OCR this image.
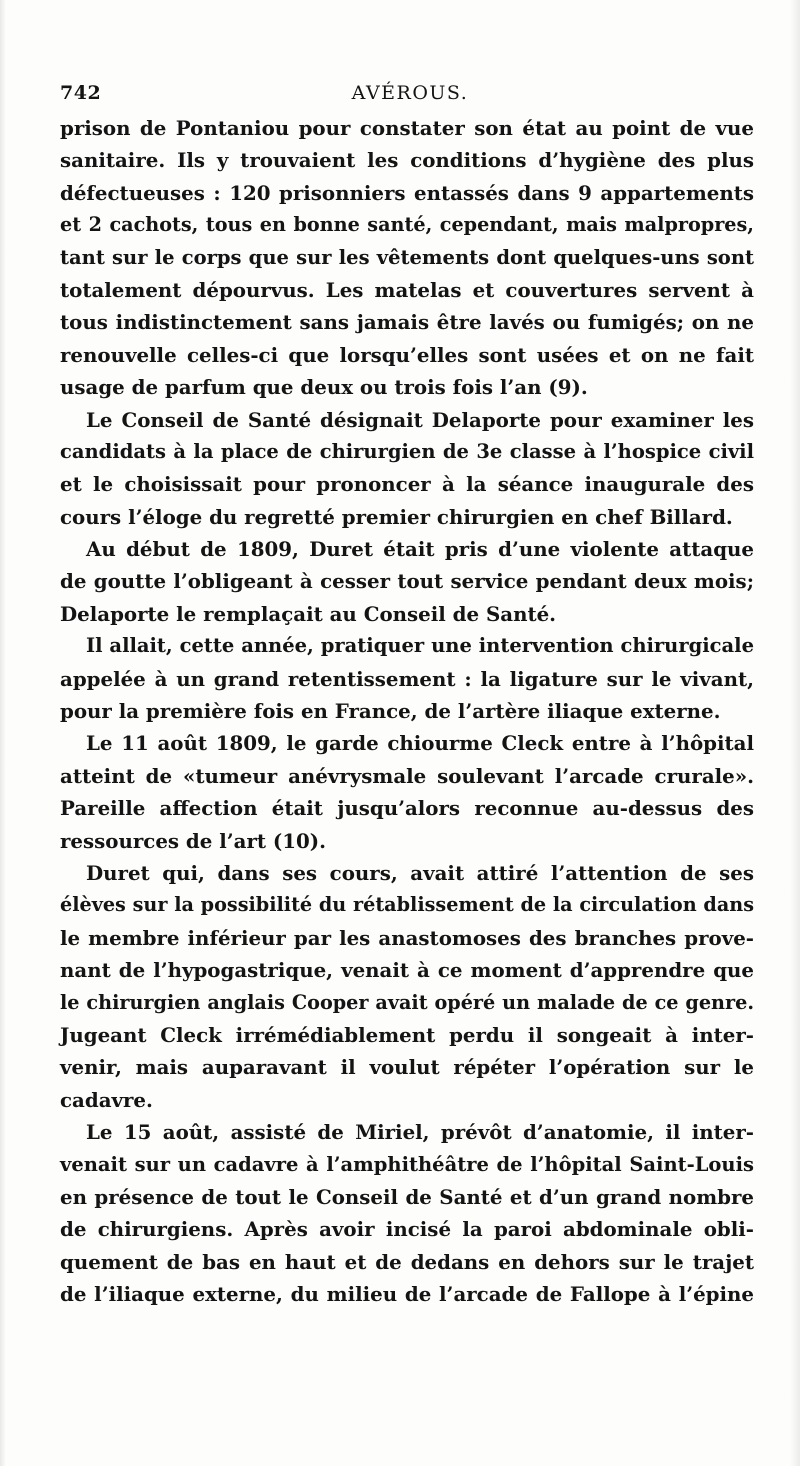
742	AVÉROUS.
prison de Pontaniou pour constater son état au point de vue
sanitaire. Ils y trouvaient les conditions d’hygiène des plus
défectueuses : 120 prisonniers entassés dans 9 appartements
et 2 cachots, tous en bonne santé, cependant, mais malpropres,
tant sur le corps que sur les vêtements dont quelques-uns sont
totalement dépourvus. Les matelas et couvertures servent à
tous indistinctement sans jamais être lavés ou fumigés; on ne
renouvelle celles-ci que lorsqu’elles sont usées et on ne fait
usage de parfum que deux ou trois fois l’an (9).
Le Conseil de Santé désignait Delaporte pour examiner les
candidats à la place de chirurgien de 3e classe à l’hospice civil
et le choisissait pour prononcer à la séance inaugurale des
cours l’éloge du regretté premier chirurgien en chef Billard.
Au début de 1809, Duret était pris d’une violente attaque
de goutte l’obligeant à cesser tout service pendant deux mois;
Delaporte le remplaçait au Conseil de Santé.
Il allait, cette année, pratiquer une intervention chirurgicale
appelée à un grand retentissement : la ligature sur le vivant,
pour la première fois en France, de l’artère iliaque externe.
Le 11 août 1809, le garde chiourme Cleck entre à l’hôpital
atteint de «tumeur anévrysmale soulevant l’arcade crurale».
Pareille affection était jusqu’alors reconnue au-dessus des
ressources de l’art (10).
Duret qui, dans ses cours, avait attiré l’attention de ses
élèves sur la possibilité du rétablissement de la circulation dans
le membre inférieur par les anastomoses des branches prove-
nant de l’hypogastrique, venait à ce moment d’apprendre que
le chirurgien anglais Cooper avait opéré un malade de ce genre.
Jugeant Cleck irrémédiablement perdu il songeait à inter-
venir, mais auparavant il voulut répéter l’opération sur le
cadavre.
Le 15 août, assisté de Miriel, prévôt d’anatomie, il inter-
venait sur un cadavre à l’amphithéâtre de l’hôpital Saint-Louis
en présence de tout le Conseil de Santé et d’un grand nombre
de chirurgiens. Après avoir incisé la paroi abdominale obli-
quement de bas en haut et de dedans en dehors sur le trajet
de l’iliaque externe, du milieu de l’arcade de Fallope à l’épine
